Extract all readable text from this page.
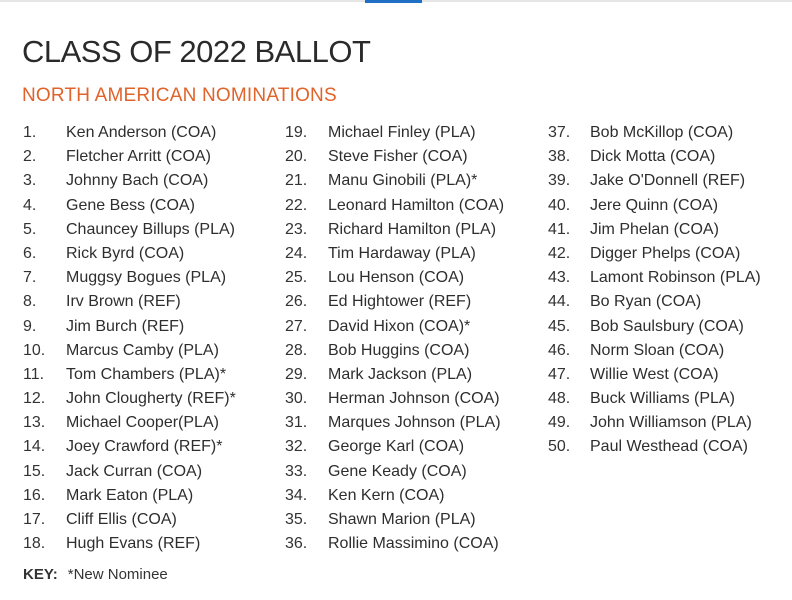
CLASS OF 2022 BALLOT
NORTH AMERICAN NOMINATIONS
1. Ken Anderson (COA)
2. Fletcher Arritt (COA)
3. Johnny Bach (COA)
4. Gene Bess (COA)
5. Chauncey Billups (PLA)
6. Rick Byrd (COA)
7. Muggsy Bogues (PLA)
8. Irv Brown (REF)
9. Jim Burch (REF)
10. Marcus Camby (PLA)
11. Tom Chambers (PLA)*
12. John Clougherty (REF)*
13. Michael Cooper(PLA)
14. Joey Crawford (REF)*
15. Jack Curran (COA)
16. Mark Eaton (PLA)
17. Cliff Ellis (COA)
18. Hugh Evans (REF)
19. Michael Finley (PLA)
20. Steve Fisher (COA)
21. Manu Ginobili (PLA)*
22. Leonard Hamilton (COA)
23. Richard Hamilton (PLA)
24. Tim Hardaway (PLA)
25. Lou Henson (COA)
26. Ed Hightower (REF)
27. David Hixon (COA)*
28. Bob Huggins (COA)
29. Mark Jackson (PLA)
30. Herman Johnson (COA)
31. Marques Johnson (PLA)
32. George Karl (COA)
33. Gene Keady (COA)
34. Ken Kern (COA)
35. Shawn Marion (PLA)
36. Rollie Massimino (COA)
37. Bob McKillop (COA)
38. Dick Motta (COA)
39. Jake O'Donnell (REF)
40. Jere Quinn (COA)
41. Jim Phelan (COA)
42. Digger Phelps (COA)
43. Lamont Robinson (PLA)
44. Bo Ryan (COA)
45. Bob Saulsbury (COA)
46. Norm Sloan (COA)
47. Willie West (COA)
48. Buck Williams (PLA)
49. John Williamson (PLA)
50. Paul Westhead (COA)
KEY: *New Nominee
